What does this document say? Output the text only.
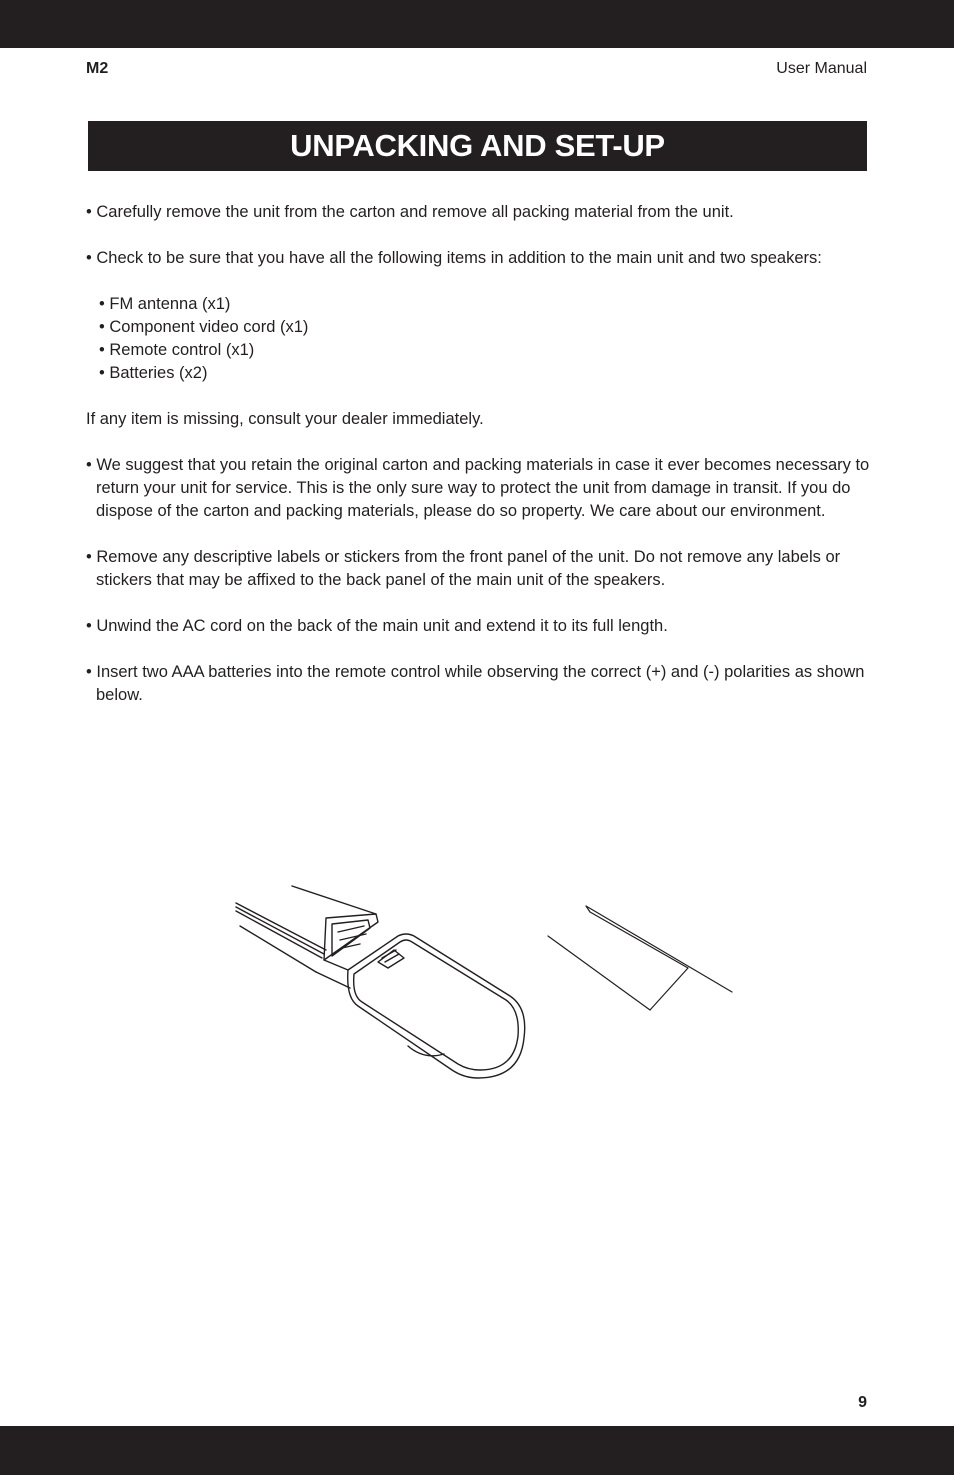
M2	User Manual
UNPACKING AND SET-UP
• Carefully remove the unit from the carton and remove all packing material from the unit.
• Check to be sure that you have all the following items in addition to the main unit and two speakers:
• FM antenna (x1)
• Component video cord (x1)
• Remote control (x1)
• Batteries (x2)
If any item is missing, consult your dealer immediately.
• We suggest that you retain the original carton and packing materials in case it ever becomes necessary to return your unit for service. This is the only sure way to protect the unit from damage in transit. If you do dispose of the carton and packing materials, please do so property. We care about our environment.
• Remove any descriptive labels or stickers from the front panel of the unit. Do not remove any labels or stickers that may be affixed to the back panel of the main unit of the speakers.
• Unwind the AC cord on the back of the main unit and extend it to its full length.
• Insert two AAA batteries into the remote control while observing the correct (+) and (-) polarities as shown below.
9
